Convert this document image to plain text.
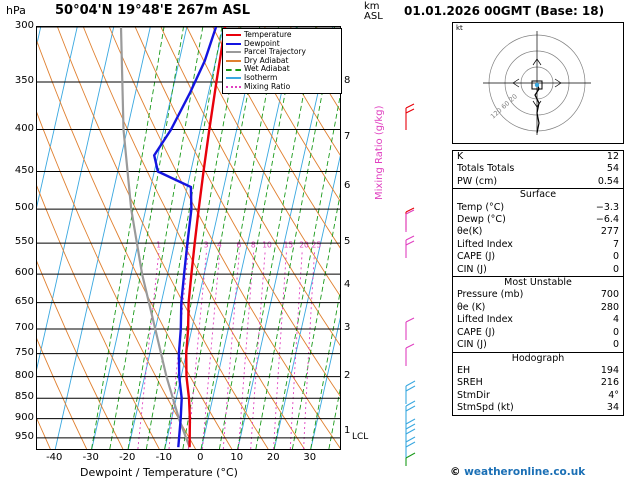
hPa 50°04'N 19°48'E 267m ASL	km
ASL 01.01.2026 00GMT (Base: 18)
300
350
400
450
500
550
600
650
700
750
800
850
900
950
1
2
3
4
5
6
7
8
-40 -30 -20 -10	0	10 20 30
Dewpoint / Temperature (°C)
1	2 3 4 6 8 10 15 20 25
Mixing Ratio (g/kg)
LCL
Temperature
Dewpoint
Parcel Trajectory
Dry Adiabat
Wet Adiabat
Isotherm
Mixing Ratio
kt
120 60 20
K	12
Totals Totals	54
PW (cm)	0.54
Surface
Temp (°C)	−3.3
Dewp (°C)	−6.4
θe(K)	277
Lifted Index	7
CAPE (J)	0
CIN (J)	0
Most Unstable
Pressure (mb)	700
θe (K)	280
Lifted Index	4
CAPE (J)	0
CIN (J)	0
Hodograph
EH	194
SREH	216
StmDir	4°
StmSpd (kt)	34
© weatheronline.co.uk
